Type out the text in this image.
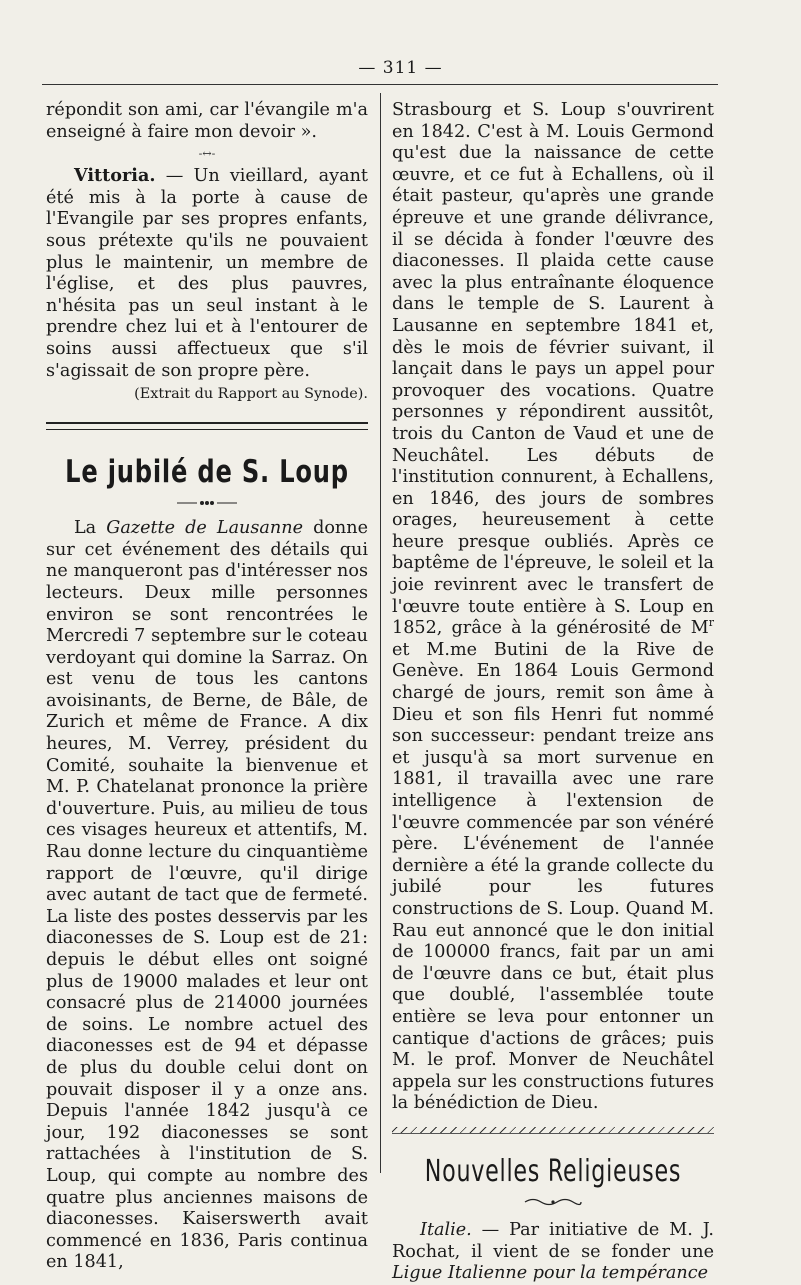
— 311 —

répondit son ami, car l'évangile m'a enseigné à faire mon devoir ».

-↔-

Vittoria. — Un vieillard, ayant été mis à la porte à cause de l'Evangile par ses propres enfants, sous prétexte qu'ils ne pouvaient plus le maintenir, un membre de l'église, et des plus pauvres, n'hésita pas un seul instant à le prendre chez lui et à l'entourer de soins aussi affectueux que s'il s'agissait de son propre père.

(Extrait du Rapport au Synode).
Le jubilé de S. Loup

La Gazette de Lausanne donne sur cet événement des détails qui ne manqueront pas d'intéresser nos lecteurs. Deux mille personnes environ se sont rencontrées le Mercredi 7 septembre sur le coteau verdoyant qui domine la Sarraz. On est venu de tous les cantons avoisinants, de Berne, de Bâle, de Zurich et même de France. A dix heures, M. Verrey, président du Comité, souhaite la bienvenue et M. P. Chatelanat prononce la prière d'ouverture. Puis, au milieu de tous ces visages heureux et attentifs, M. Rau donne lecture du cinquantième rapport de l'œuvre, qu'il dirige avec autant de tact que de fermeté. La liste des postes desservis par les diaconesses de S. Loup est de 21: depuis le début elles ont soigné plus de 19000 malades et leur ont consacré plus de 214000 journées de soins. Le nombre actuel des diaconesses est de 94 et dépasse de plus du double celui dont on pouvait disposer il y a onze ans. Depuis l'année 1842 jusqu'à ce jour, 192 diaconesses se sont rattachées à l'institution de S. Loup, qui compte au nombre des quatre plus anciennes maisons de diaconesses. Kaiserswerth avait commencé en 1836, Paris continua en 1841,

Strasbourg et S. Loup s'ouvrirent en 1842. C'est à M. Louis Germond qu'est due la naissance de cette œuvre, et ce fut à Echallens, où il était pasteur, qu'après une grande épreuve et une grande délivrance, il se décida à fonder l'œuvre des diaconesses. Il plaida cette cause avec la plus entraînante éloquence dans le temple de S. Laurent à Lausanne en septembre 1841 et, dès le mois de février suivant, il lançait dans le pays un appel pour provoquer des vocations. Quatre personnes y répondirent aussitôt, trois du Canton de Vaud et une de Neuchâtel. Les débuts de l'institution connurent, à Echallens, en 1846, des jours de sombres orages, heureusement à cette heure presque oubliés. Après ce baptême de l'épreuve, le soleil et la joie revinrent avec le transfert de l'œuvre toute entière à S. Loup en 1852, grâce à la générosité de $M^r$ et M.me Butini de la Rive de Genève. En 1864 Louis Germond chargé de jours, remit son âme à Dieu et son fils Henri fut nommé son successeur: pendant treize ans et jusqu'à sa mort survenue en 1881, il travailla avec une rare intelligence à l'extension de l'œuvre commencée par son vénéré père. L'événement de l'année dernière a été la grande collecte du jubilé pour les futures constructions de S. Loup. Quand M. Rau eut annoncé que le don initial de 100000 francs, fait par un ami de l'œuvre dans ce but, était plus que doublé, l'assemblée toute entière se leva pour entonner un cantique d'actions de grâces; puis M. le prof. Monver de Neuchâtel appela sur les constructions futures la bénédiction de Dieu.

Nouvelles Religieuses

Italie. — Par initiative de M. J. Rochat, il vient de se fonder une Ligue Italienne pour la tempérance
